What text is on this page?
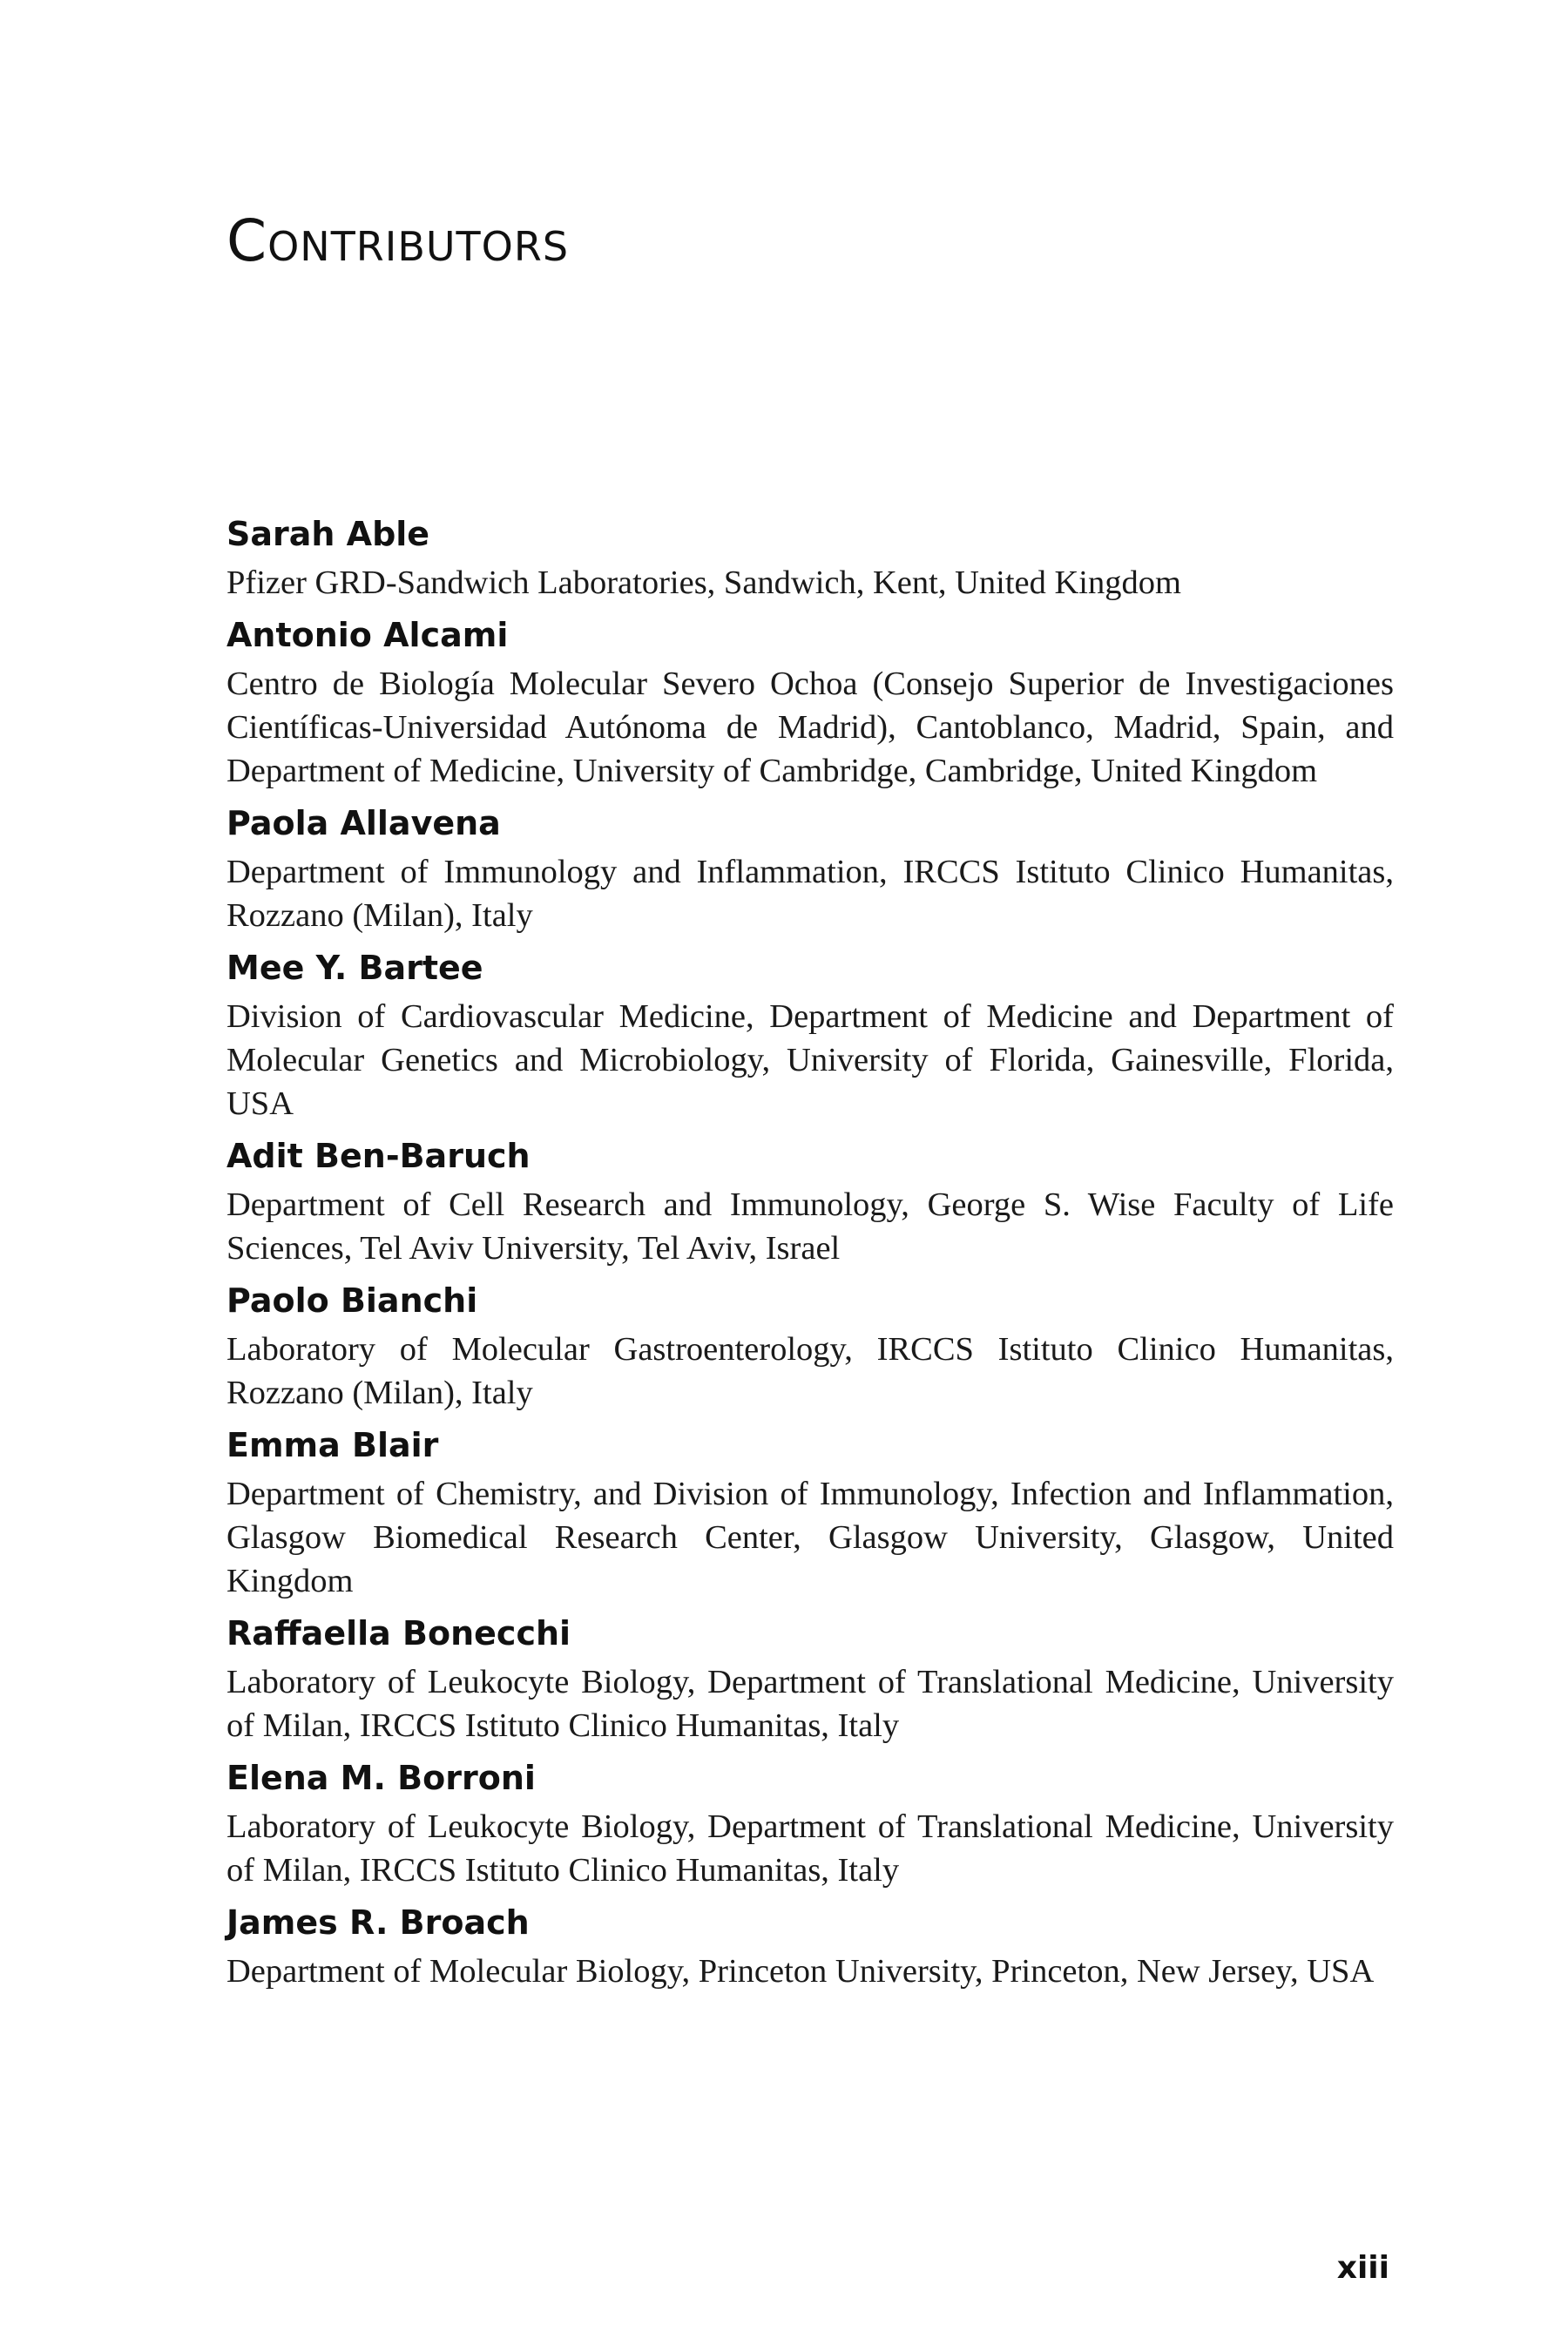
Contributors
Sarah Able

Pfizer GRD-Sandwich Laboratories, Sandwich, Kent, United Kingdom

Antonio Alcami

Centro de Biología Molecular Severo Ochoa (Consejo Superior de Investigaciones Científicas-Universidad Autónoma de Madrid), Cantoblanco, Madrid, Spain, and Department of Medicine, University of Cambridge, Cambridge, United Kingdom

Paola Allavena

Department of Immunology and Inflammation, IRCCS Istituto Clinico Humanitas, Rozzano (Milan), Italy

Mee Y. Bartee

Division of Cardiovascular Medicine, Department of Medicine and Department of Molecular Genetics and Microbiology, University of Florida, Gainesville, Florida, USA

Adit Ben-Baruch

Department of Cell Research and Immunology, George S. Wise Faculty of Life Sciences, Tel Aviv University, Tel Aviv, Israel

Paolo Bianchi

Laboratory of Molecular Gastroenterology, IRCCS Istituto Clinico Humanitas, Rozzano (Milan), Italy

Emma Blair

Department of Chemistry, and Division of Immunology, Infection and Inflammation, Glasgow Biomedical Research Center, Glasgow University, Glasgow, United Kingdom

Raffaella Bonecchi

Laboratory of Leukocyte Biology, Department of Translational Medicine, University of Milan, IRCCS Istituto Clinico Humanitas, Italy

Elena M. Borroni

Laboratory of Leukocyte Biology, Department of Translational Medicine, University of Milan, IRCCS Istituto Clinico Humanitas, Italy

James R. Broach

Department of Molecular Biology, Princeton University, Princeton, New Jersey, USA

xiii
